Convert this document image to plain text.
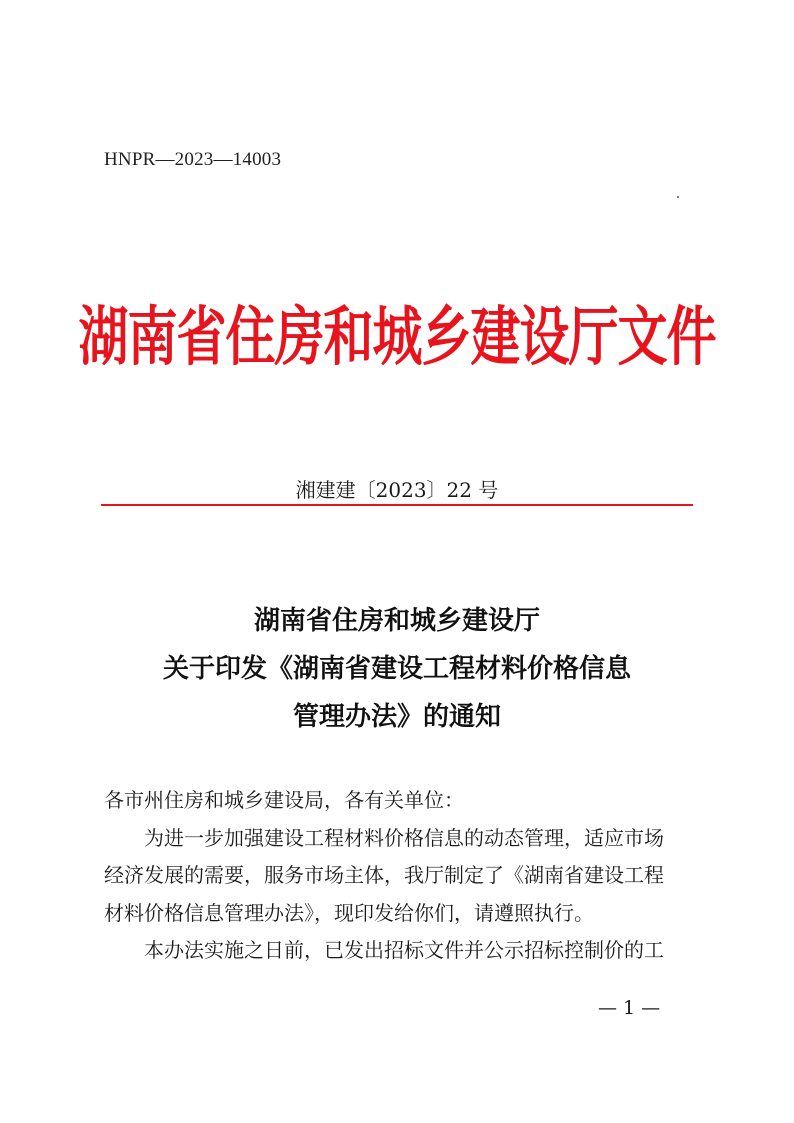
HNPR—2023—14003
湖南省住房和城乡建设厅文件
湘建建〔2023〕22 号
湖南省住房和城乡建设厅
关于印发《湖南省建设工程材料价格信息
管理办法》的通知

各市州住房和城乡建设局，各有关单位：

为进一步加强建设工程材料价格信息的动态管理，适应市场

经济发展的需要，服务市场主体，我厅制定了《湖南省建设工程

材料价格信息管理办法》，现印发给你们，请遵照执行。

本办法实施之日前，已发出招标文件并公示招标控制价的工

— 1 —
